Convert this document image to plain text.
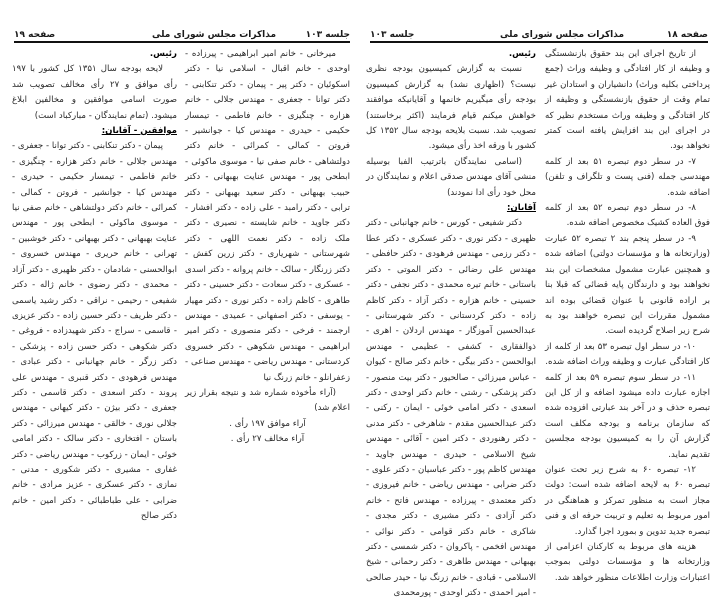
صفحه ۱۹	مذاکرات مجلس شورای ملی	جلسه ۱۰۳

رئیس.

لایحه بودجه سال ۱۳۵۱ کل کشور با ۱۹۷ رأی موافق و ۲۷ رأی مخالف تصویب شد صورت اسامی موافقین و مخالفین ابلاغ میشود. (تمام نمایندگان - مبارکباد است)

موافقین - آقایان:

پیمان - دکتر تنکابنی - دکتر توانا - جعفری - مهندس جلالی - خانم دکتر هزاره - چنگیزی - خانم فاطمی - تیمسار حکیمی - حیدری - مهندس کیا - جوانشیر - فروتن - کمالی - کمرائی - خانم دکتر دولتشاهی - خانم صفی نیا - موسوی ماکوئی - ابطحی پور - مهندس عنایت بهبهانی - دکتر بهبهانی - دکتر خوشبین - تهرانی - خانم حریری - مهندس خسروی - ابوالحسنی - شادمان - دکتر ظهیری - دکتر آزاد - محمدی - دکتر رضوی - خانم ژاله - دکتر شفیعی - رحیمی - نراقی - دکتر رشید یاسمی - دکتر ظریف - دکتر حسین زاده - دکتر عزیزی - قاسمی - سراج - دکتر شهیدزاده - فروغی - دکتر شکوهی - دکتر حسن زاده - پزشکی - دکتر زرگر - خانم جهانبانی - دکتر عبادی - مهندس فرهودی - دکتر قنبری - مهندس علی پروند - دکتر اسعدی - دکتر قاسمی - دکتر جعفری - دکتر بیژن - دکتر کیهانی - مهندس جلالی نوری - خالقی - مهندس میرزائی - دکتر باستان - افتخاری - دکتر سالک - دکتر امامی خوئی - ایمان - زرکوب - مهندس ریاضی - دکتر غفاری - مشیری - دکتر شکوری - مدنی - نمازی - دکتر عسکری - عزیز مرادی - خانم ضرابی - علی طباطبائی - دکتر امین - خانم دکتر صالح

میرخانی - خانم امیر ابراهیمی - پیرزاده - اوحدی - خانم اقبال - اسلامی نیا - دکتر اسکوئیان - دکتر پیر - پیمان - دکتر تنکابنی - دکتر توانا - جعفری - مهندس جلالی - خانم هزاره - چنگیزی - خانم فاطمی - تیمسار حکیمی - حیدری - مهندس کیا - جوانشیر - فروتن - کمالی - کمرائی - خانم دکتر دولتشاهی - خانم صفی نیا - موسوی ماکوئی - ابطحی پور - مهندس عنایت بهبهانی - دکتر حبیب بهبهانی - دکتر سعید بهبهانی - دکتر ترابی - دکتر رامبد - علی زاده - دکتر افشار - دکتر جاوید - خانم شایسته - نصیری - دکتر ملک زاده - دکتر نعمت اللهی - دکتر شهرستانی - شهریاری - دکتر زرین کفش - دکتر زرنگار - سالک - خانم پروانه - دکتر اسدی - عسکری - دکتر سعادت - دکتر حسینی - دکتر طاهری - کاظم زاده - دکتر نوری - دکتر مهیار - یوسفی - دکتر اصفهانی - عمیدی - مهندس ارجمند - فرخی - دکتر منصوری - دکتر امیر ابراهیمی - مهندس شکوهی - دکتر خسروی کردستانی - مهندس ریاضی - مهندس صناعی - زعفرانلو - خانم زرنگ نیا

(آراء مأخوذه شماره شد و نتیجه بقرار زیر اعلام شد)

آراء موافق ۱۹۷ رأی .

آراء مخالف ۲۷ رأی .

جلسه ۱۰۳	مذاکرات مجلس شورای ملی	صفحه ۱۸

رئیس.

نسبت به گزارش کمیسیون بودجه نظری نیست؟ (اظهاری نشد) به گزارش کمیسیون بودجه رأی میگیریم خانمها و آقایانیکه موافقند خواهش میکنم قیام فرمایند (اکثر برخاستند) تصویب شد. نسبت بلایحه بودجه سال ۱۳۵۲ کل کشور با ورقه اخذ رأی میشود.

(اسامی نمایندگان باترتیب الفبا بوسیله منشی آقای مهندس صدقی اعلام و نمایندگان در محل خود رأی ادا نمودند)

آقایان:

دکتر شفیعی - کورس - خانم جهانبانی - دکتر ظهیری - دکتر نوری - دکتر عسکری - دکتر عطا - دکتر رزمی - مهندس فرهودی - دکتر حافظی - مهندس علی رضائی - دکتر الموتی - دکتر باستانی - خانم تیره محمدی - دکتر نجفی - دکتر حسینی - خانم هزاره - دکتر آزاد - دکتر کاظم زاده - دکتر کردستانی - دکتر شهرستانی - عبدالحسین آموزگار - مهندس اردلان - اهری - ذوالفقاری - کشفی - عظیمی - مهندس ابوالحسن - دکتر بیگی - خانم دکتر صالح - کیوان - عباس میرزائی - صالحیور - دکتر بیت منصور - دکتر پزشکی - رشتی - خانم دکتر اوحدی - دکتر اسعدی - دکتر امامی خوئی - ایمان - رکنی - دکتر عبدالحسین مقدم - شاهرخی - دکتر مدنی - دکتر رهنوردی - دکتر امین - آقائی - مهندس شیخ الاسلامی - حیدری - مهندس جاوید - مهندس کاظم پور - دکتر عباسیان - دکتر علوی - دکتر ضرابی - مهندس ریاضی - خانم فیروزی - دکتر معتمدی - پیرزاده - مهندس فاتح - خانم دکتر آزادی - دکتر مشیری - دکتر مجدی - شاکری - خانم دکتر قوامی - دکتر نوائی - مهندس افخمی - پاکروان - دکتر شمسی - دکتر بهبهانی - مهندس طاهری - دکتر رحمانی - شیخ الاسلامی - قبادی - خانم زرنگ نیا - حیدر صالحی - امیر احمدی - دکتر اوحدی - پورمحمدی

از تاریخ اجرای این بند حقوق بازنشستگی و وظیفه از کار افتادگی و وظیفه وراث (جمع پرداختی بکلیه وراث) دانشیاران و استادان غیر تمام وقت از حقوق بازنشستگی و وظیفه از کار افتادگی و وظیفه وراث مستخدم نظیر که در اجرای این بند افزایش یافته است کمتر نخواهد بود.

۷- در سطر دوم تبصره ۵۱ بعد از کلمه مهندسی جمله (فنی پست و تلگراف و تلفن) اضافه شده.

۸- در سطر دوم تبصره ۵۲ بعد از کلمه فوق العاده کشیک مخصوص اضافه شده.

۹- در سطر پنجم بند ۲ تبصره ۵۲ عبارت (وزارتخانه ها و مؤسسات دولتی) اضافه شده و همچنین عبارت مشمول مشخصات این بند نخواهند بود و دارندگان پایه قضائی که قبلا بنا بر اراده قانونی با عنوان قضائی بوده اند مشمول مقررات این تبصره خواهند بود به شرح زیر اصلاح گردیده است.

۱۰- در سطر اول تبصره ۵۳ بعد از کلمه از کار افتادگی عبارت و وظیفه وراث اضافه شده.

۱۱- در سطر سوم تبصره ۵۹ بعد از کلمه اجازه عبارت داده میشود اضافه و از کل این تبصره حذف و در آخر بند عبارتی افزوده شده که سازمان برنامه و بودجه مکلف است گزارش آن را به کمیسیون بودجه مجلسین تقدیم نماید.

۱۲- تبصره ۶۰ به شرح زیر تحت عنوان تبصره ۶۰ به لایحه اضافه شده است: دولت مجاز است به منظور تمرکز و هماهنگی در امور مربوط به تعلیم و تربیت حرفه ای و فنی تبصره جدید تدوین و بمورد اجرا گذارد.

هزینه های مربوط به کارکنان اعزامی از وزارتخانه ها و مؤسسات دولتی بموجب اعتبارات وزارت اطلاعات منظور خواهد شد.
